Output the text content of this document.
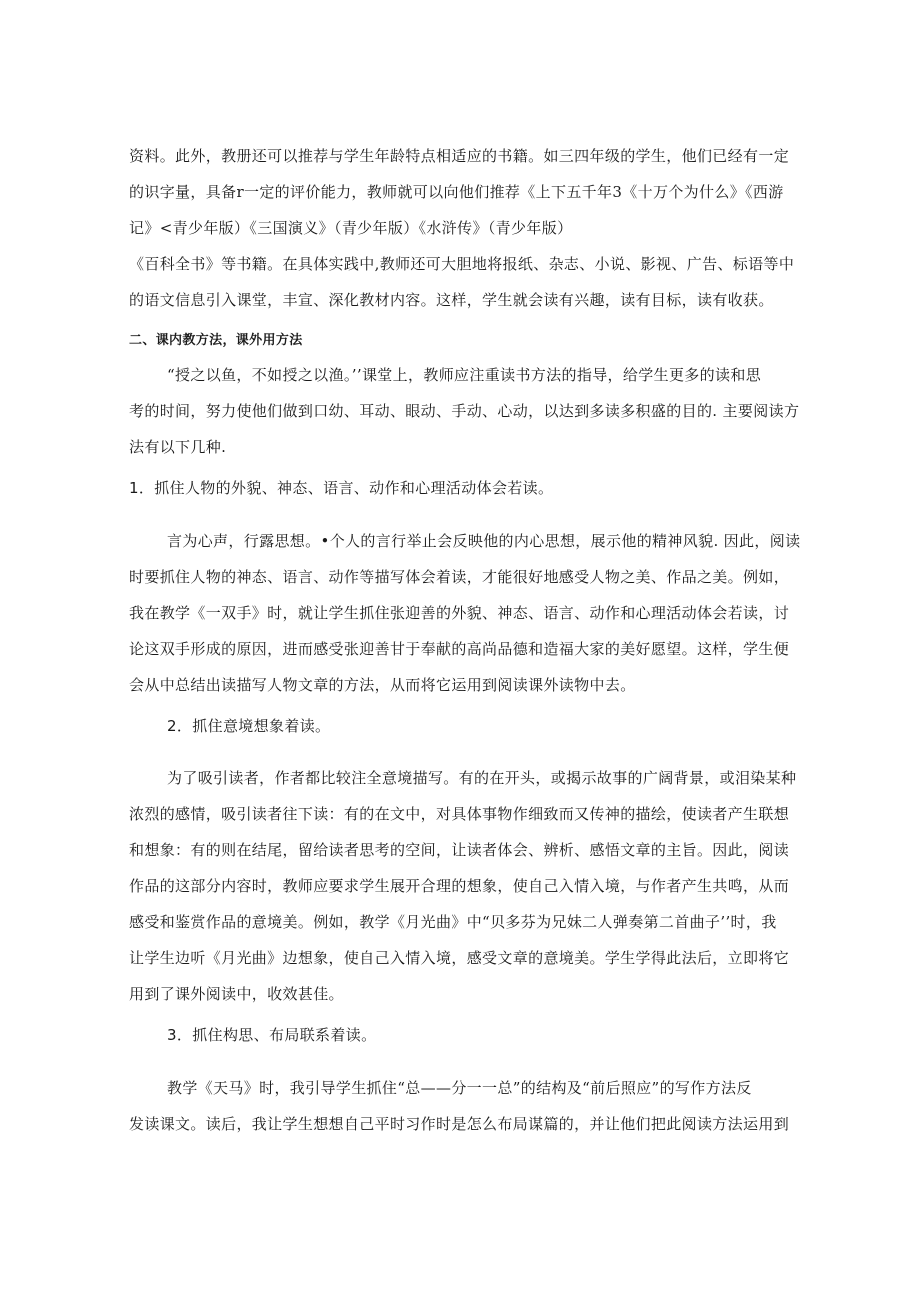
资料。此外，教册还可以推荐与学生年龄特点相适应的书籍。如三四年级的学生，他们已经有一定
的识字量，具备r一定的评价能力，教师就可以向他们推荐《上下五千年3《十万个为什么》《西游
记》<青少年版）《三国演义》（青少年版）《水浒传》（青少年版）
《百科全书》等书籍。在具体实践中,教师还可大胆地将报纸、杂志、小说、影视、广告、标语等中
的语文信息引入课堂，丰宣、深化教材内容。这样，学生就会读有兴趣，读有目标，读有收获。
二、课内教方法，课外用方法
“授之以鱼，不如授之以渔。’’课堂上，教师应注重读书方法的指导，给学生更多的读和思
考的时间，努力使他们做到口幼、耳动、眼动、手动、心动，以达到多读多积盛的目的. 主要阅读方
法有以下几种.
1．抓住人物的外貌、神态、语言、动作和心理活动体会若读。
言为心声，行露思想。•个人的言行举止会反映他的内心思想，展示他的精神风貌. 因此，阅读
时要抓住人物的神态、语言、动作等描写体会着读，才能很好地感受人物之美、作品之美。例如，
我在教学《一双手》时，就让学生抓住张迎善的外貌、神态、语言、动作和心理活动体会若读，讨
论这双手形成的原因，进而感受张迎善甘于奉献的高尚品德和造福大家的美好愿望。这样，学生便
会从中总结出读描写人物文章的方法，从而将它运用到阅读课外读物中去。
2．抓住意境想象着读。
为了吸引读者，作者都比较注全意境描写。有的在开头，或揭示故事的广阔背景，或泪染某种
浓烈的感情，吸引读者往下读：有的在文中，对具体事物作细致而又传神的描绘，使读者产生联想
和想象：有的则在结尾，留给读者思考的空间，让读者体会、辨析、感悟文章的主旨。因此，阅读
作品的这部分内容时，教师应要求学生展开合理的想象，使自己入情入境，与作者产生共鸣，从而
感受和鉴赏作品的意境美。例如，教学《月光曲》中“贝多芬为兄妹二人弹奏第二首曲子’’时，我
让学生边听《月光曲》边想象，使自己入情入境，感受文章的意境美。学生学得此法后，立即将它
用到了课外阅读中，收效甚佳。
3．抓住构思、布局联系着读。
教学《天马》时，我引导学生抓住“总——分一一总”的结构及“前后照应”的写作方法反
发读课文。读后，我让学生想想自己平时习作时是怎么布局谋篇的，并让他们把此阅读方法运用到
